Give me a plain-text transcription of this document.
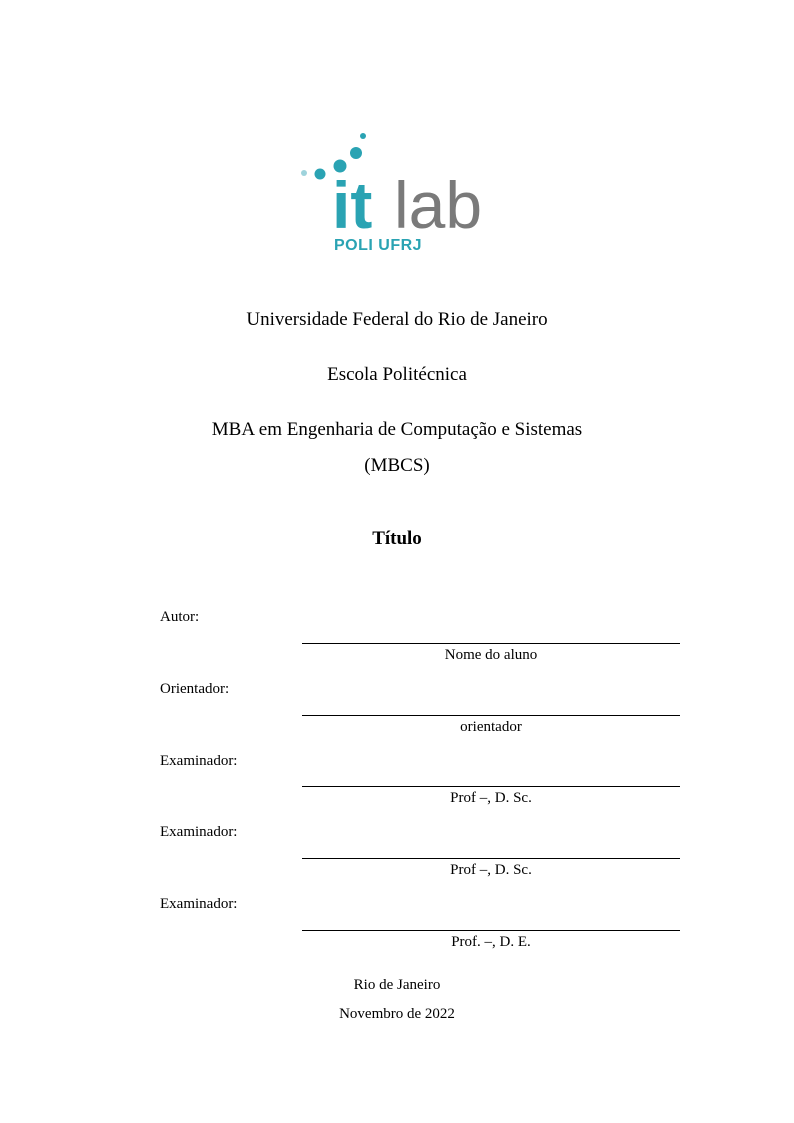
it lab
POLI UFRJ
Universidade Federal do Rio de Janeiro
Escola Politécnica
MBA em Engenharia de Computação e Sistemas
(MBCS)
Título
Autor:
Nome do aluno
Orientador:
orientador
Examinador:
Prof –, D. Sc.
Examinador:
Prof –, D. Sc.
Examinador:
Prof. –, D. E.
Rio de Janeiro
Novembro de 2022
